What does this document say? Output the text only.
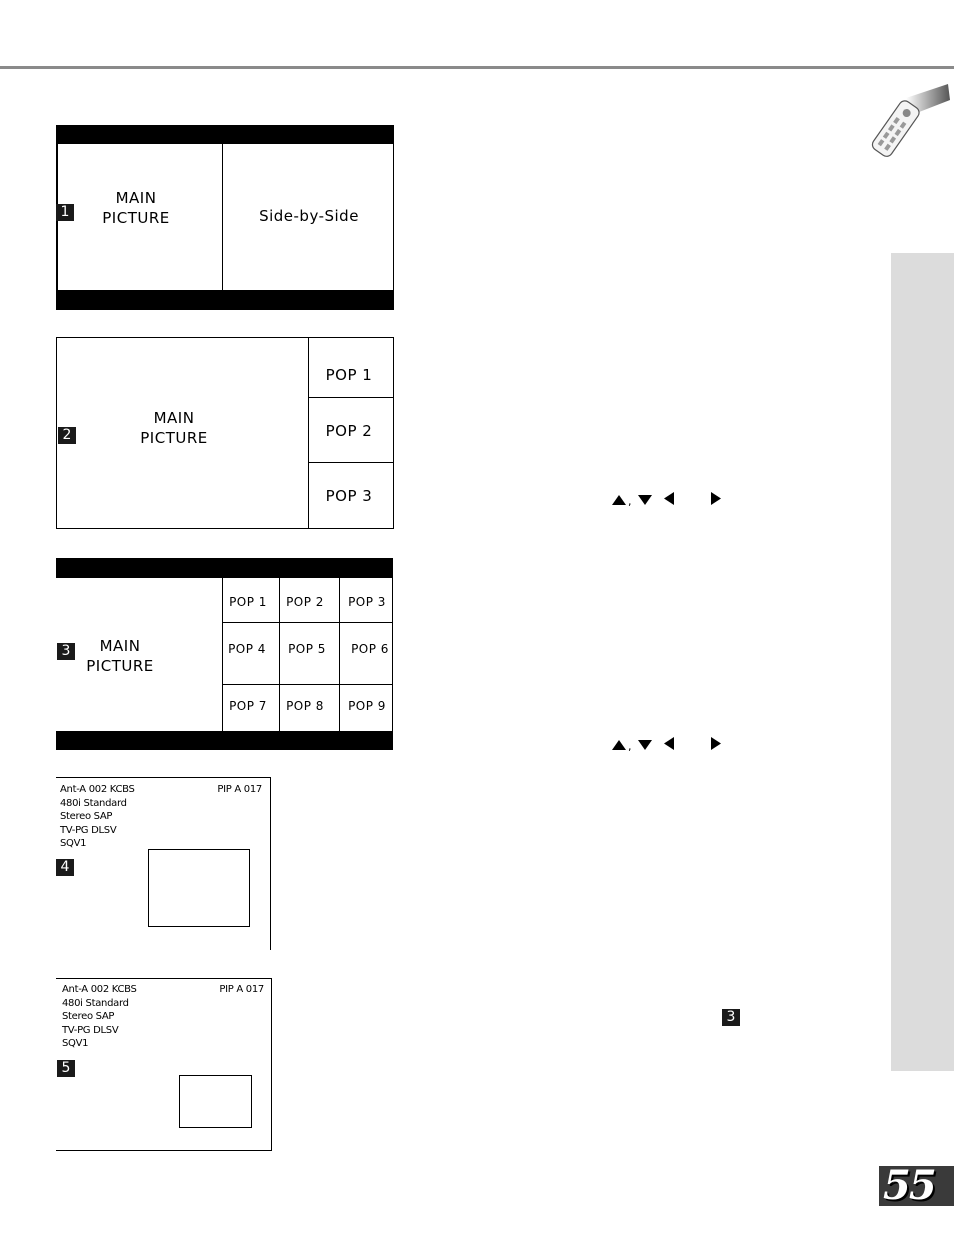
55
1
MAIN
PICTURE	Side-by-Side
2
MAIN
PICTURE
POP 1
POP 2
POP 3
3	MAIN
PICTURE
POP 1	POP 2	POP 3
POP 4	POP 5	POP 6
POP 7	POP 8	POP 9
Ant-A 002 KCBS
480i Standard
Stereo SAP
TV-PG DLSV
SQV1
PIP A 017
4
Ant-A 002 KCBS
480i Standard
Stereo SAP
TV-PG DLSV
SQV1
PIP A 017
5
,
,
3
